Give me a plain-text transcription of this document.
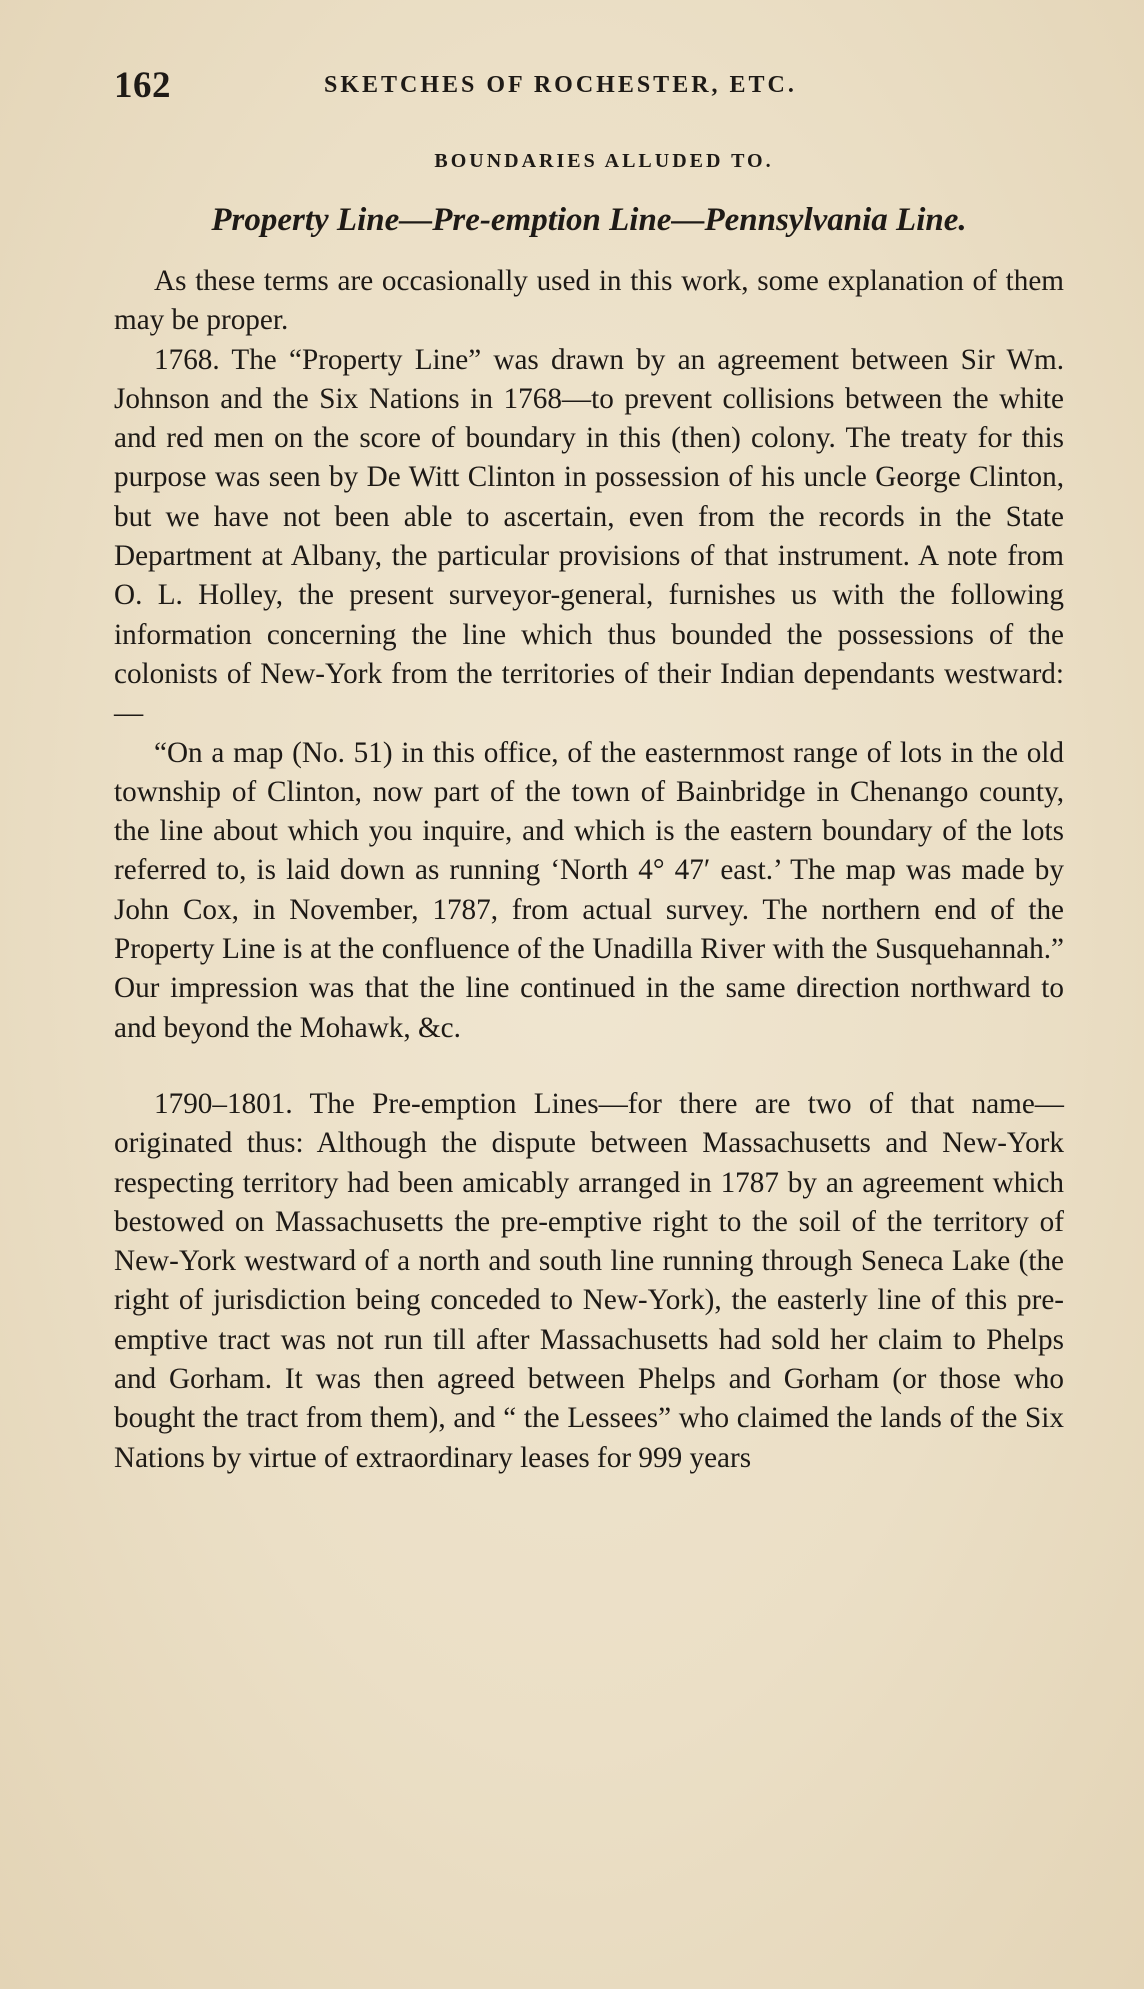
162	SKETCHES OF ROCHESTER, ETC.
BOUNDARIES ALLUDED TO.
Property Line—Pre-emption Line—Pennsylvania Line.

As these terms are occasionally used in this work, some explanation of them may be proper.

1768. The “Property Line” was drawn by an agreement between Sir Wm. Johnson and the Six Nations in 1768—to prevent collisions between the white and red men on the score of boundary in this (then) colony. The treaty for this purpose was seen by De Witt Clinton in possession of his uncle George Clinton, but we have not been able to ascertain, even from the records in the State Department at Albany, the particular provisions of that instrument. A note from O. L. Holley, the present surveyor-general, furnishes us with the following information concerning the line which thus bounded the possessions of the colonists of New-York from the territories of their Indian dependants westward:—

“On a map (No. 51) in this office, of the easternmost range of lots in the old township of Clinton, now part of the town of Bainbridge in Chenango county, the line about which you inquire, and which is the eastern boundary of the lots referred to, is laid down as running ‘North 4° 47′ east.’ The map was made by John Cox, in November, 1787, from actual survey. The northern end of the Property Line is at the confluence of the Unadilla River with the Susquehannah.” Our impression was that the line continued in the same direction northward to and beyond the Mohawk, &c.

1790–1801. The Pre-emption Lines—for there are two of that name—originated thus: Although the dispute between Massachusetts and New-York respecting territory had been amicably arranged in 1787 by an agreement which bestowed on Massachusetts the pre-emptive right to the soil of the territory of New-York westward of a north and south line running through Seneca Lake (the right of jurisdiction being conceded to New-York), the easterly line of this pre-emptive tract was not run till after Massachusetts had sold her claim to Phelps and Gorham. It was then agreed between Phelps and Gorham (or those who bought the tract from them), and “ the Lessees” who claimed the lands of the Six Nations by virtue of extraordinary leases for 999 years
